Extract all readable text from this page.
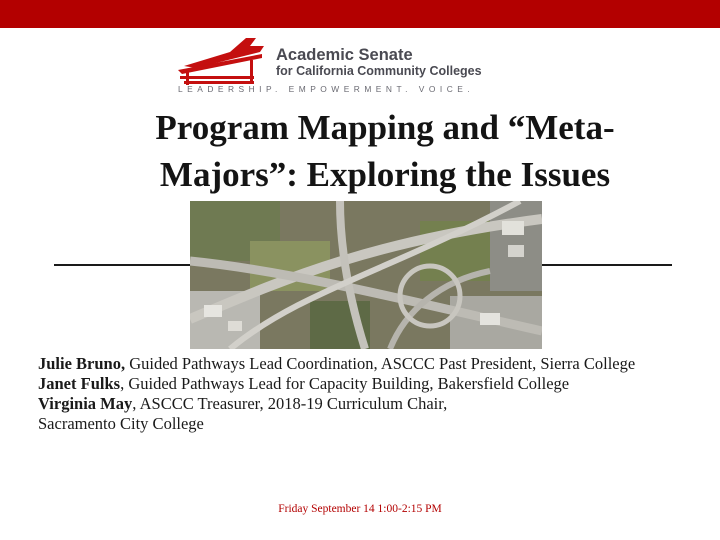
Academic Senate
for California Community Colleges
LEADERSHIP. EMPOWERMENT. VOICE.
Program Mapping and “Meta-Majors”: Exploring the Issues

Julie Bruno, Guided Pathways Lead Coordination, ASCCC Past President, Sierra College

Janet Fulks, Guided Pathways Lead for Capacity Building, Bakersfield College

Virginia May, ASCCC Treasurer, 2018-19 Curriculum Chair,

Sacramento City College

Friday September 14 1:00-2:15 PM
